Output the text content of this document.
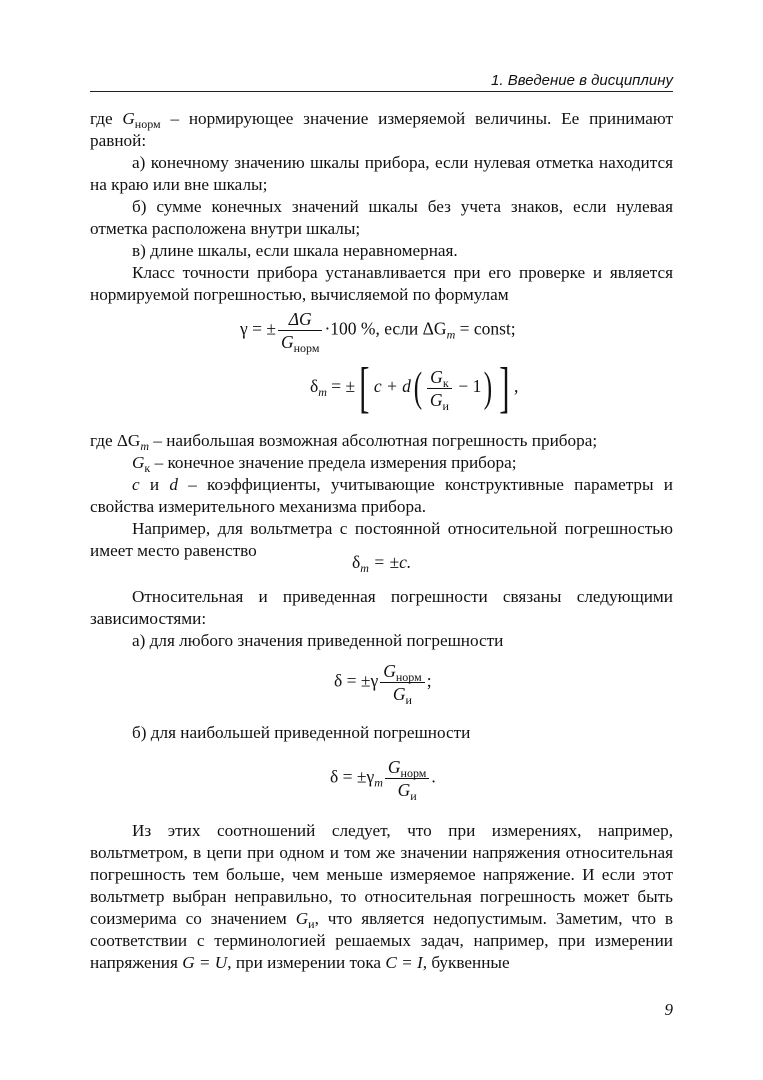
1. Введение в дисциплину

где $G_{норм}$ – нормирующее значение измеряемой величины. Ее принимают равной:

а) конечному значению шкалы прибора, если нулевая отметка находится на краю или вне шкалы;

б) сумме конечных значений шкалы без учета знаков, если нулевая отметка расположена внутри шкалы;

в) длине шкалы, если шкала неравномерная.

Класс точности прибора устанавливается при его проверке и является нормируемой погрешностью, вычисляемой по формулам

γ = ± $\frac{\Delta G}{G_{норм}} \cdot 100$ %, если $\Delta G_m$ = const;
$\delta_m$ = ±[ $c + d( \frac{G_к}{G_и} - 1)$ ] ,

где $\Delta G_m$ – наибольшая возможная абсолютная погрешность прибора;

$G_к$ – конечное значение предела измерения прибора;

c и d – коэффициенты, учитывающие конструктивные параметры и свойства измерительного механизма прибора.

Например, для вольтметра с постоянной относительной погрешностью имеет место равенство

$\delta_m = \pm c$.

Относительная и приведенная погрешности связаны следующими зависимостями:

а) для любого значения приведенной погрешности

$\delta = \pm\gamma \frac{G_{норм}}{G_и}$ ;

б) для наибольшей приведенной погрешности

$\delta = \pm\gamma_m \frac{G_{норм}}{G_и}$ .

Из этих соотношений следует, что при измерениях, например, вольтметром, в цепи при одном и том же значении напряжения относительная погрешность тем больше, чем меньше измеряемое напряжение. И если этот вольтметр выбран неправильно, то относительная погрешность может быть соизмерима со значением $G_и$, что является недопустимым. Заметим, что в соответствии с терминологией решаемых задач, например, при измерении напряжения G = U, при измерении тока C = I, буквенные

9
